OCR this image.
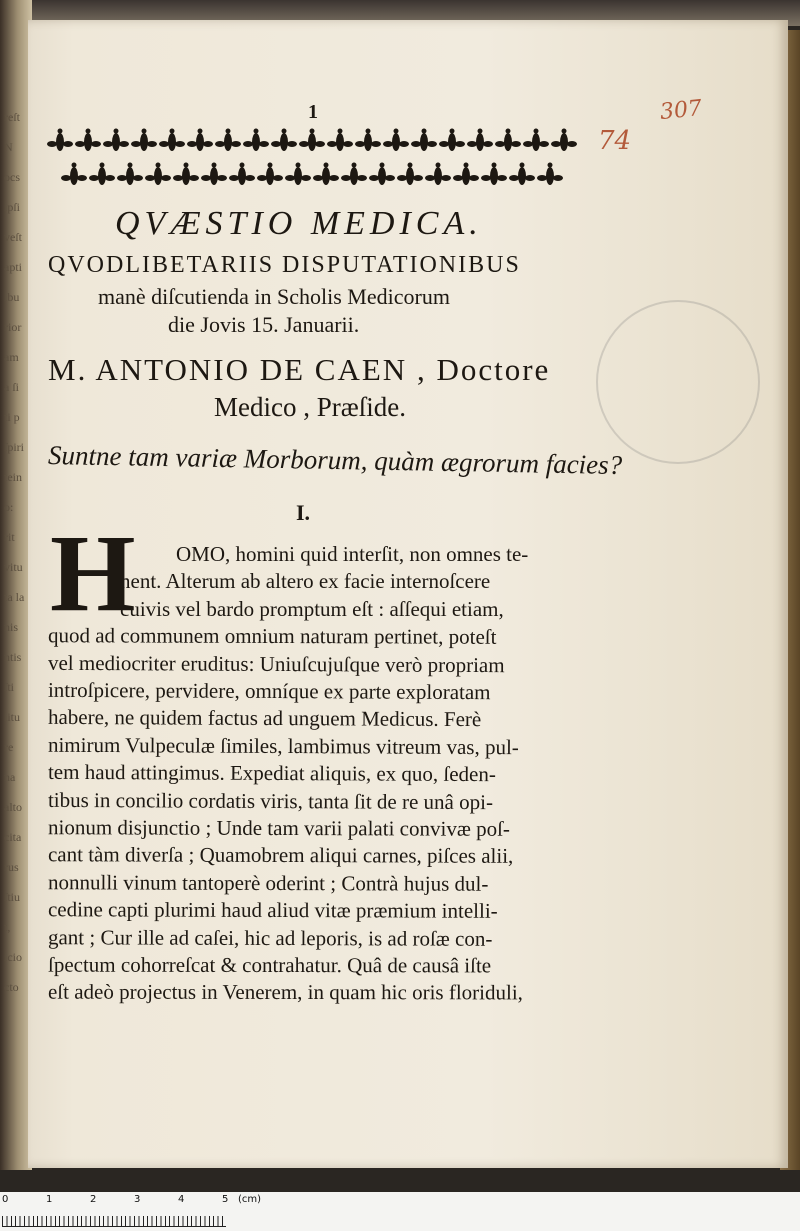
reſt
N
ocs
ipſi
veſt
apti
ibu
rior
am
a ſi
ti p
ſpiri
tein
o:
rit
vitu
ta la
nis
ntis
ſti
iitu
re
na
alto
cita
rus
ſtiu
t,
icio
cto
1	307
74
QVÆSTIO MEDICA.
QVODLIBETARIIS DISPUTATIONIBUS
manè diſcutienda in Scholis Medicorum
die Jovis 15. Januarii.
M. ANTONIO DE CAEN , Doctore
Medico , Præſide.
Suntne tam variæ Morborum, quàm ægrorum facies?
I.
H OMO, homini quid interſit, non omnes te-
nent. Alterum ab altero ex facie internoſcere
cuivis vel bardo promptum eſt : aſſequi etiam,
quod ad communem omnium naturam pertinet, poteſt
vel mediocriter eruditus: Uniuſcujuſque verò propriam
introſpicere, pervidere, omníque ex parte exploratam
habere, ne quidem factus ad unguem Medicus. Ferè
nimirum Vulpeculæ ſimiles, lambimus vitreum vas, pul-
tem haud attingimus. Expediat aliquis, ex quo, ſeden-
tibus in concilio cordatis viris, tanta ſit de re unâ opi-
nionum disjunctio ; Unde tam varii palati convivæ poſ-
cant tàm diverſa ; Quamobrem aliqui carnes, piſces alii,
nonnulli vinum tantoperè oderint ; Contrà hujus dul-
cedine capti plurimi haud aliud vitæ præmium intelli-
gant ; Cur ille ad caſei, hic ad leporis, is ad roſæ con-
ſpectum cohorreſcat & contrahatur. Quâ de causâ iſte
eſt adeò projectus in Venerem, in quam hic oris floriduli,
0	1	2	3	4	5 (cm)
